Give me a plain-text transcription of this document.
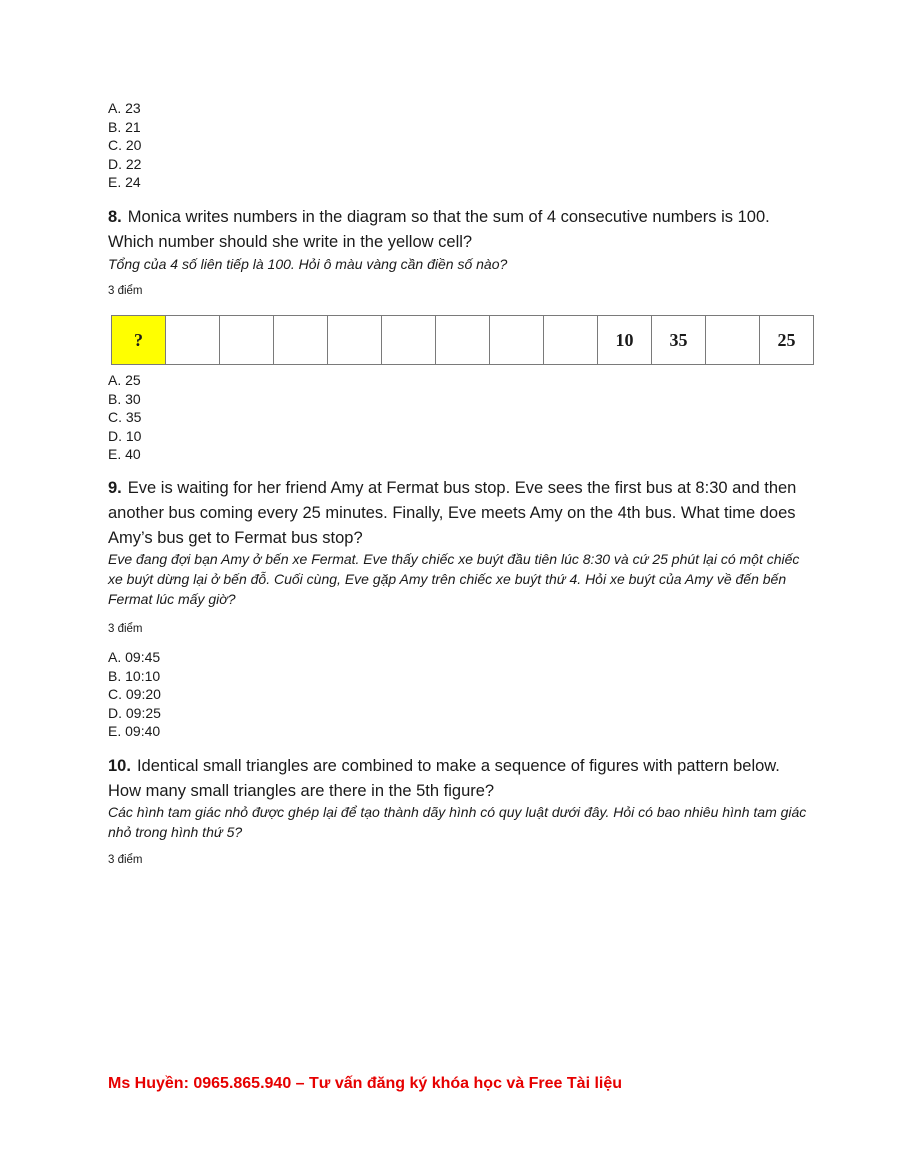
A. 23
B. 21
C. 20
D. 22
E. 24
8. Monica writes numbers in the diagram so that the sum of 4 consecutive numbers is 100. Which number should she write in the yellow cell?
Tổng của 4 số liên tiếp là 100. Hỏi ô màu vàng cần điền số nào?
3 điểm
?									10	35		25
A. 25
B. 30
C. 35
D. 10
E. 40
9. Eve is waiting for her friend Amy at Fermat bus stop. Eve sees the first bus at 8:30 and then another bus coming every 25 minutes. Finally, Eve meets Amy on the 4th bus. What time does Amy’s bus get to Fermat bus stop?
Eve đang đợi bạn Amy ở bến xe Fermat. Eve thấy chiếc xe buýt đầu tiên lúc 8:30 và cứ 25 phút lại có một chiếc xe buýt dừng lại ở bến đỗ. Cuối cùng, Eve gặp Amy trên chiếc xe buýt thứ 4. Hỏi xe buýt của Amy về đến bến Fermat lúc mấy giờ?
3 điểm
A. 09:45
B. 10:10
C. 09:20
D. 09:25
E. 09:40
10. Identical small triangles are combined to make a sequence of figures with pattern below. How many small triangles are there in the 5th figure?
Các hình tam giác nhỏ được ghép lại để tạo thành dãy hình có quy luật dưới đây. Hỏi có bao nhiêu hình tam giác nhỏ trong hình thứ 5?
3 điểm
Ms Huyền: 0965.865.940 – Tư vấn đăng ký khóa học và Free Tài liệu
